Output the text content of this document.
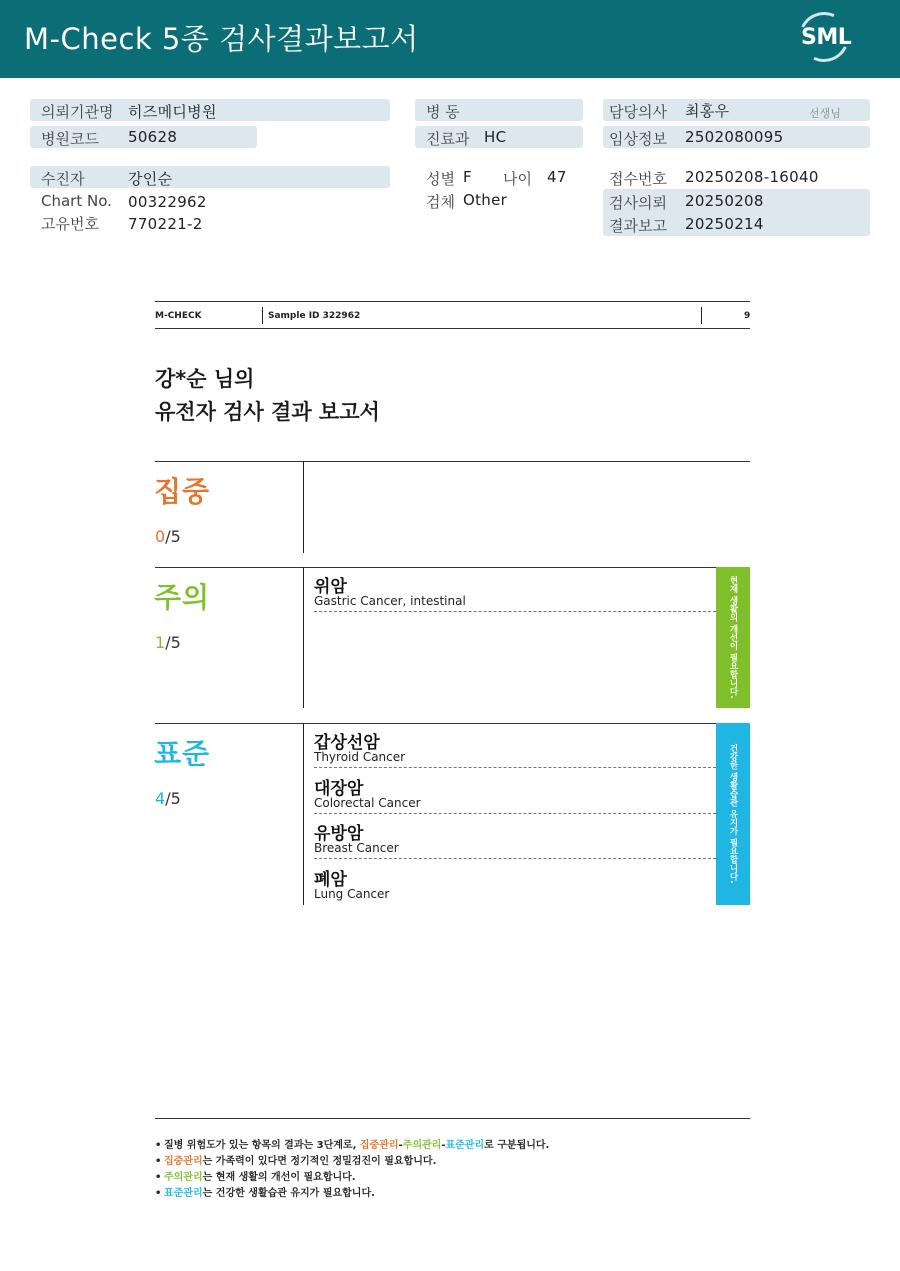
M-Check 5종 검사결과보고서	SML
의뢰기관명 히즈메디병원
병원코드 50628
수진자	강인순
Chart No. 00322962
고유번호 770221-2
병 동
진료과 HC
성별 F 나이 47
검체 Other
담당의사 최홍우	선생님
임상정보 2502080095
접수번호 20250208-16040
검사의뢰 20250208
결과보고 20250214
M-CHECK	Sample ID 322962	9
강*순 님의
유전자 검사 결과 보고서
집중
0/5
주의
1/5
위암
Gastric Cancer, intestinal	현재 생활의 개선이 필요합니다.
표준
4/5
갑상선암
Thyroid Cancer
대장암
Colorectal Cancer
유방암
Breast Cancer
폐암
Lung Cancer
건강한 생활습관 유지가 필요합니다.
• 질병 위험도가 있는 항목의 결과는 3단계로, 집중관리-주의관리-표준관리로 구분됩니다.
• 집중관리는 가족력이 있다면 정기적인 정밀검진이 필요합니다.
• 주의관리는 현재 생활의 개선이 필요합니다.
• 표준관리는 건강한 생활습관 유지가 필요합니다.
